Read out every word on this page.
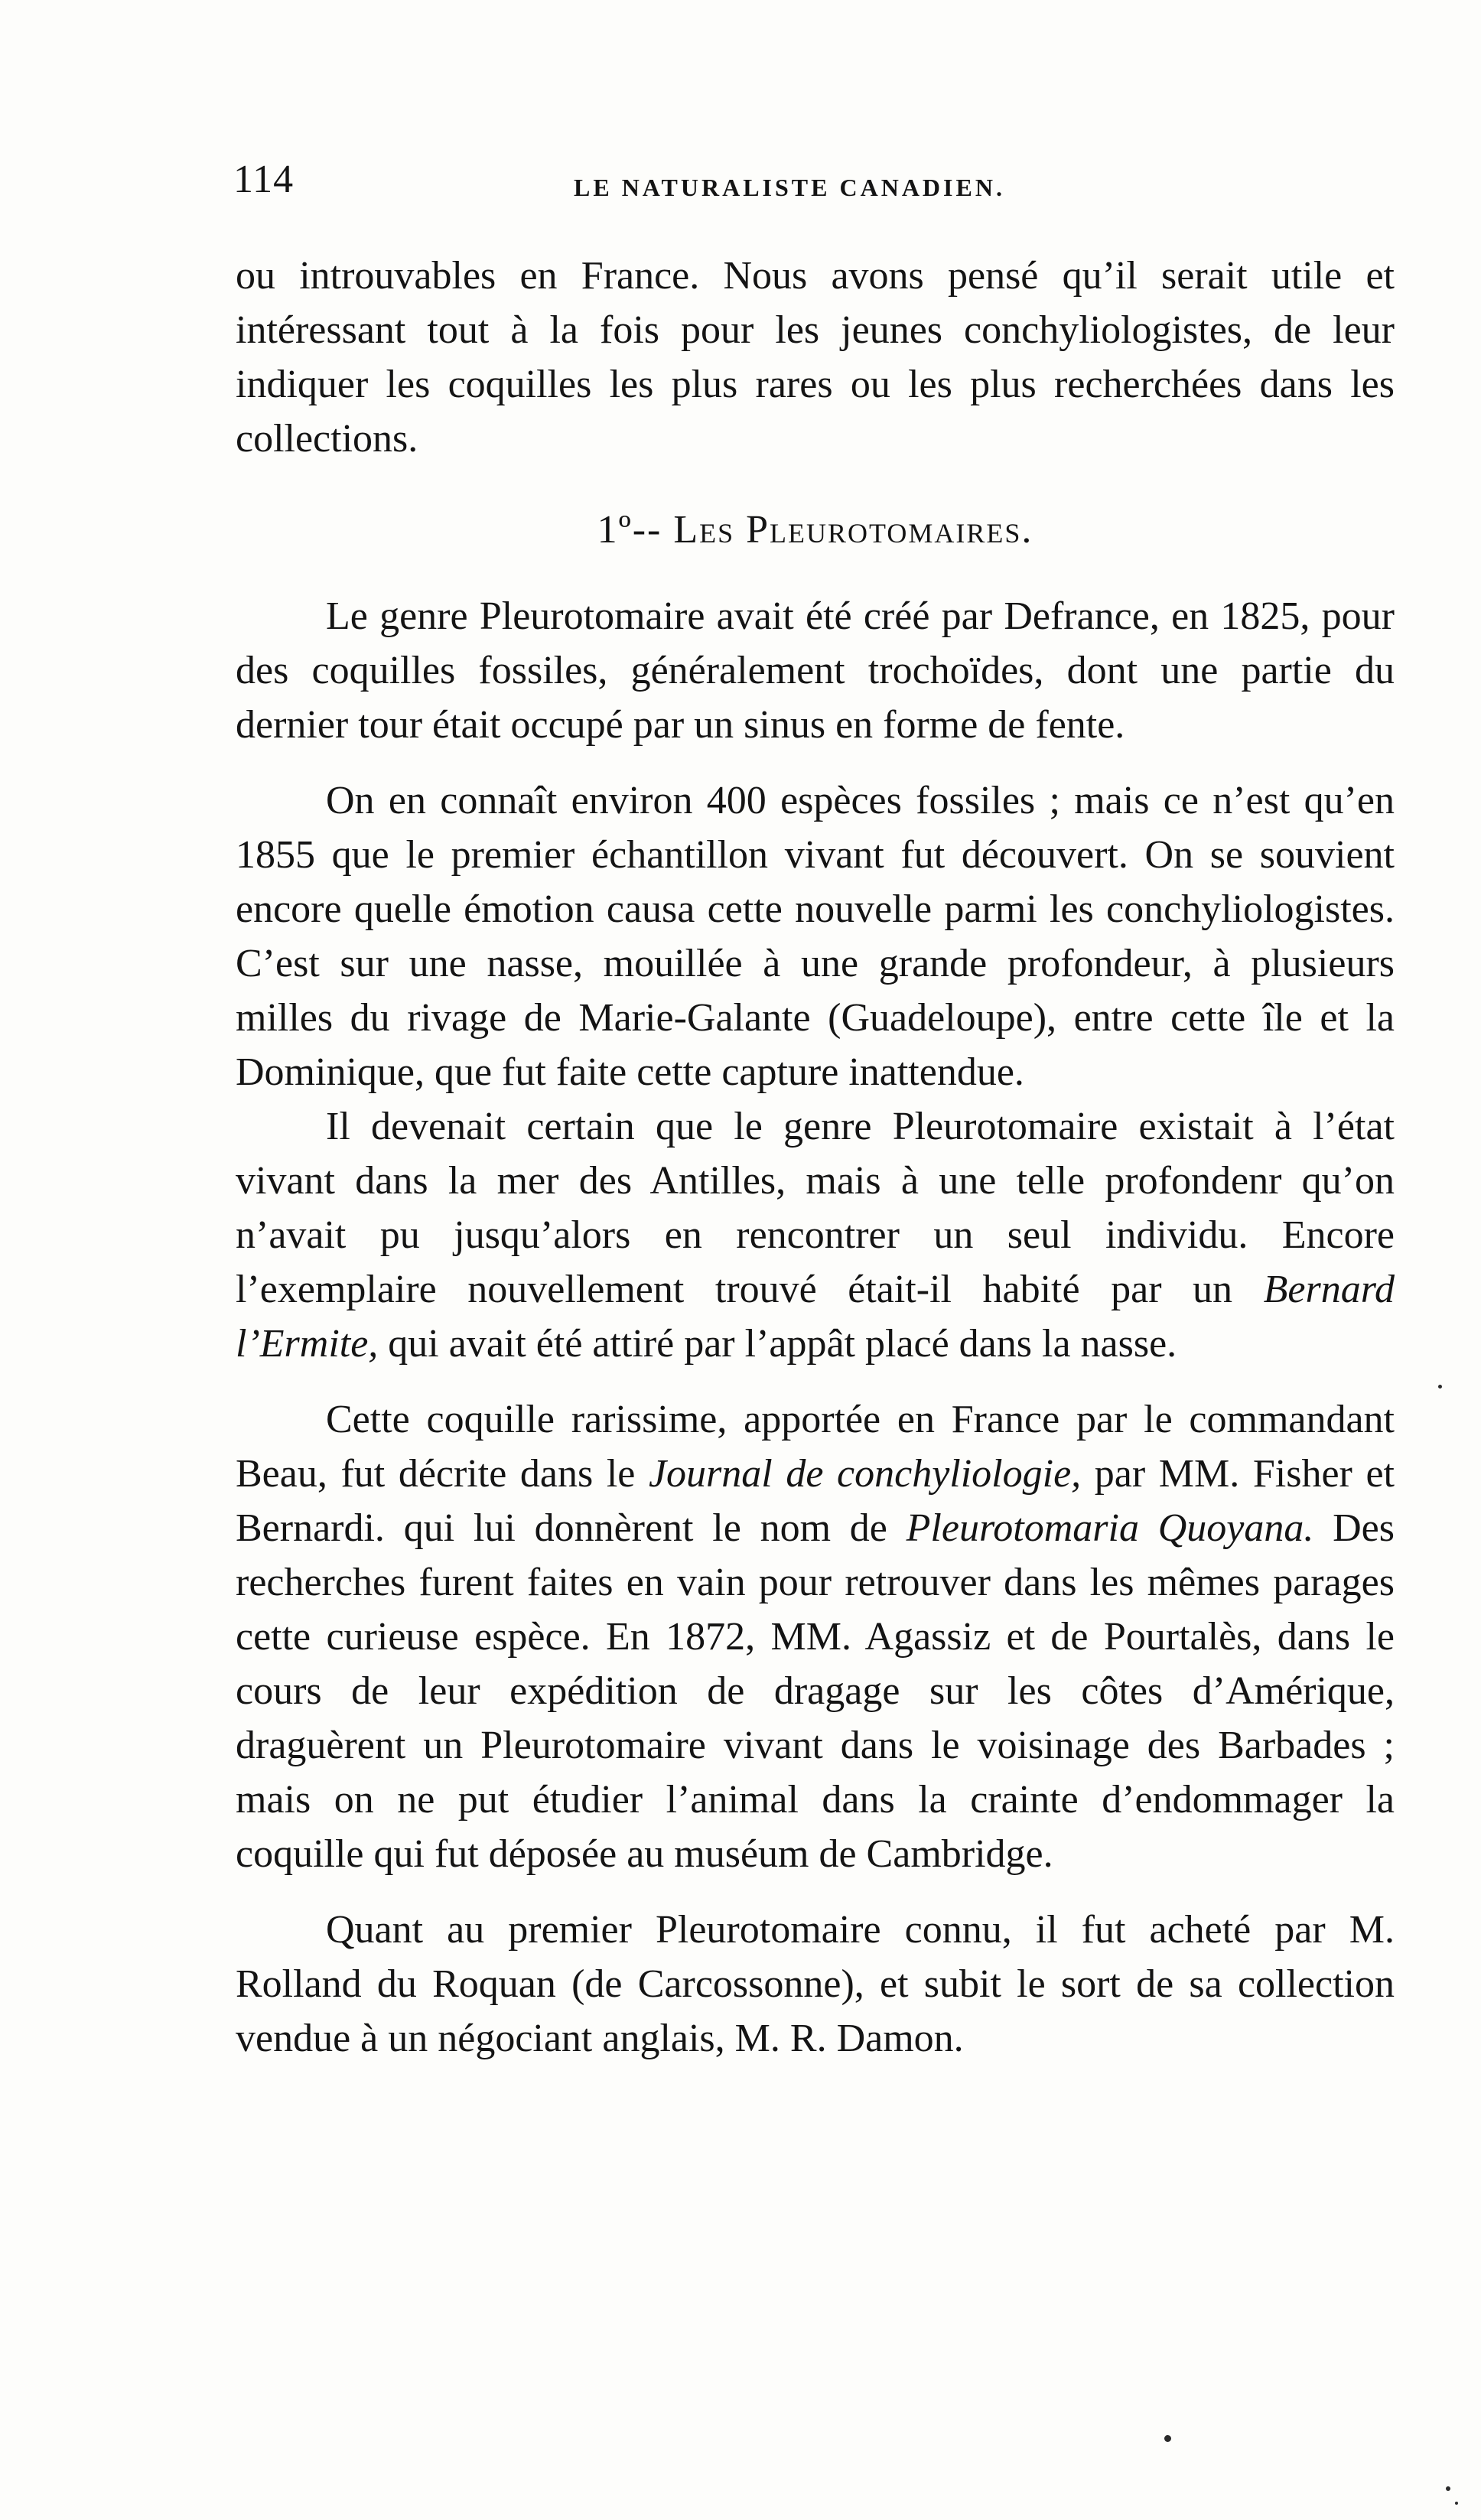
114	LE NATURALISTE CANADIEN.

ou introuvables en France. Nous avons pensé qu’il serait utile et intéressant tout à la fois pour les jeunes conchyliologistes, de leur indiquer les coquilles les plus rares ou les plus recherchées dans les collections.

1º-- Les Pleurotomaires.

Le genre Pleurotomaire avait été créé par Defrance, en 1825, pour des coquilles fossiles, généralement trochoïdes, dont une partie du dernier tour était occupé par un sinus en forme de fente.

On en connaît environ 400 espèces fossiles ; mais ce n’est qu’en 1855 que le premier échantillon vivant fut découvert. On se souvient encore quelle émotion causa cette nouvelle parmi les conchyliologistes. C’est sur une nasse, mouillée à une grande profondeur, à plusieurs milles du rivage de Marie-Galante (Guadeloupe), entre cette île et la Dominique, que fut faite cette capture inattendue.

Il devenait certain que le genre Pleurotomaire existait à l’état vivant dans la mer des Antilles, mais à une telle profondenr qu’on n’avait pu jusqu’alors en rencontrer un seul individu. Encore l’exemplaire nouvellement trouvé était-il habité par un Bernard l’Ermite, qui avait été attiré par l’appât placé dans la nasse.

Cette coquille rarissime, apportée en France par le commandant Beau, fut décrite dans le Journal de conchyliologie, par MM. Fisher et Bernardi. qui lui donnèrent le nom de Pleurotomaria Quoyana. Des recherches furent faites en vain pour retrouver dans les mêmes parages cette curieuse espèce. En 1872, MM. Agassiz et de Pourtalès, dans le cours de leur expédition de dragage sur les côtes d’Amérique, draguèrent un Pleurotomaire vivant dans le voisinage des Barbades ; mais on ne put étudier l’animal dans la crainte d’endommager la coquille qui fut déposée au muséum de Cambridge.

Quant au premier Pleurotomaire connu, il fut acheté par M. Rolland du Roquan (de Carcossonne), et subit le sort de sa collection vendue à un négociant anglais, M. R. Damon.
